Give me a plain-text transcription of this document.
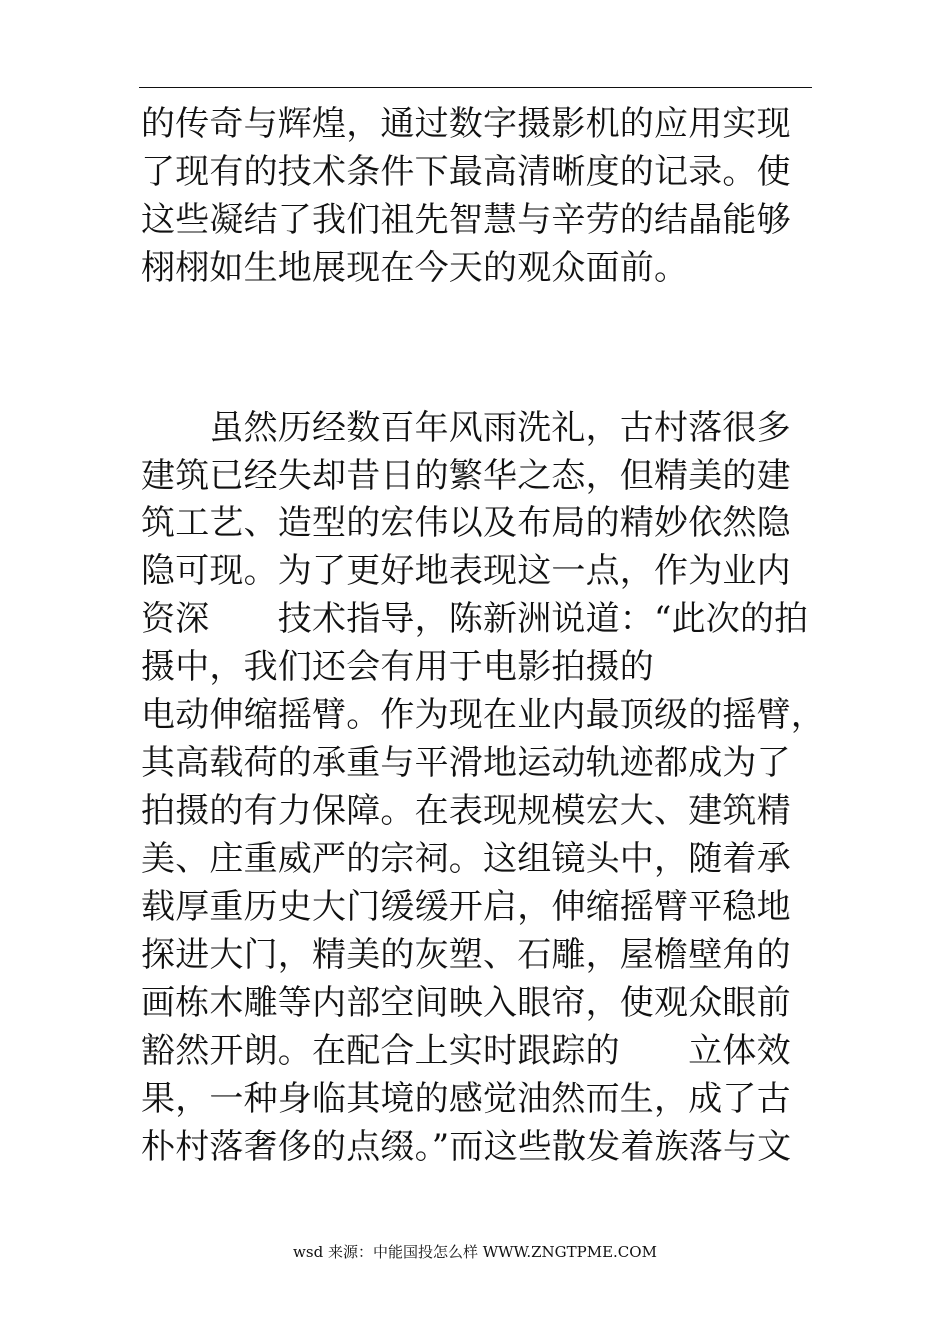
的传奇与辉煌，通过数字摄影机的应用实现
了现有的技术条件下最高清晰度的记录。使
这些凝结了我们祖先智慧与辛劳的结晶能够
栩栩如生地展现在今天的观众面前。
　　虽然历经数百年风雨洗礼，古村落很多
建筑已经失却昔日的繁华之态，但精美的建
筑工艺、造型的宏伟以及布局的精妙依然隐
隐可现。为了更好地表现这一点，作为业内
资深　　技术指导，陈新洲说道：“此次的拍
摄中，我们还会有用于电影拍摄的
电动伸缩摇臂。作为现在业内最顶级的摇臂，
其高载荷的承重与平滑地运动轨迹都成为了
拍摄的有力保障。在表现规模宏大、建筑精
美、庄重威严的宗祠。这组镜头中，随着承
载厚重历史大门缓缓开启，伸缩摇臂平稳地
探进大门，精美的灰塑、石雕，屋檐壁角的
画栋木雕等内部空间映入眼帘，使观众眼前
豁然开朗。在配合上实时跟踪的　　立体效
果，一种身临其境的感觉油然而生，成了古
朴村落奢侈的点缀。”而这些散发着族落与文
wsd 来源：中能国投怎么样 WWW.ZNGTPME.COM
